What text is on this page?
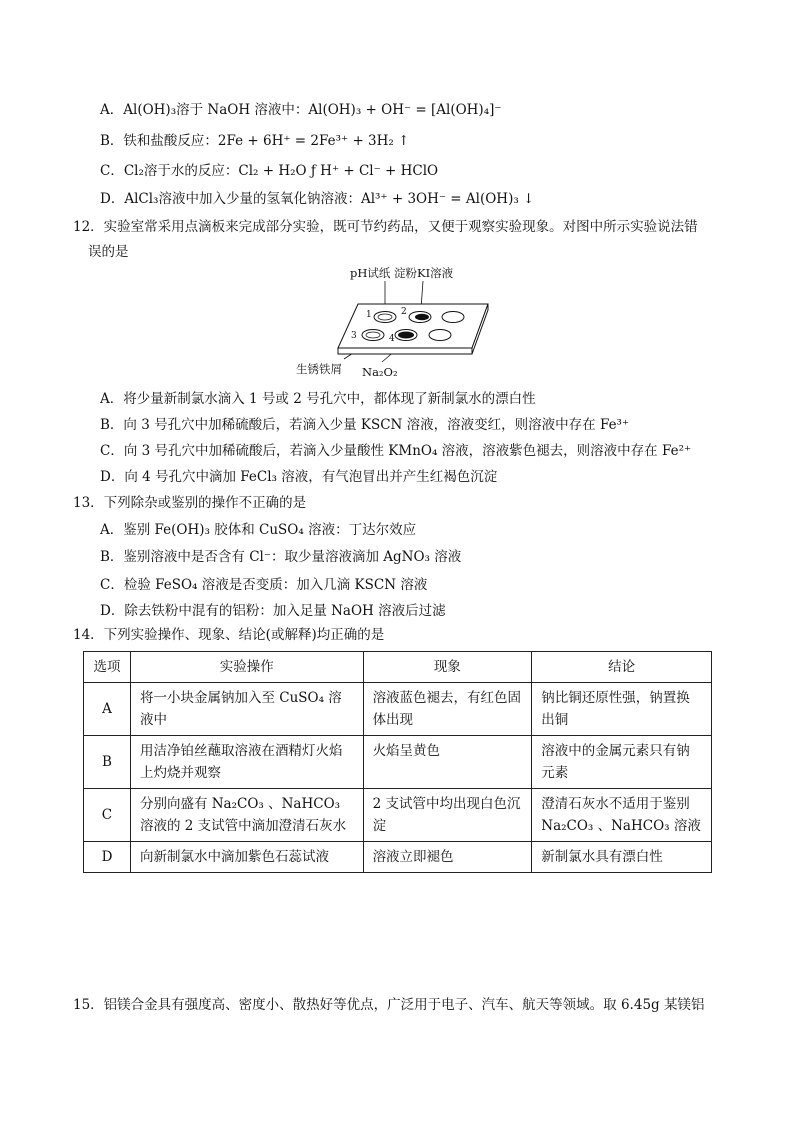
A．Al(OH)₃溶于 NaOH 溶液中：Al(OH)₃ + OH⁻ = [Al(OH)₄]⁻
B．铁和盐酸反应：2Fe + 6H⁺ = 2Fe³⁺ + 3H₂ ↑
C．Cl₂溶于水的反应：Cl₂ + H₂O ƒ H⁺ + Cl⁻ + HClO
D．AlCl₃溶液中加入少量的氢氧化钠溶液：Al³⁺ + 3OH⁻ = Al(OH)₃ ↓
12．实验室常采用点滴板来完成部分实验，既可节约药品，又便于观察实验现象。对图中所示实验说法错
误的是
pH试纸 淀粉KI溶液
1	2
3	4
生锈铁屑 Na₂O₂
A．将少量新制氯水滴入 1 号或 2 号孔穴中，都体现了新制氯水的漂白性
B．向 3 号孔穴中加稀硫酸后，若滴入少量 KSCN 溶液，溶液变红，则溶液中存在 Fe³⁺
C．向 3 号孔穴中加稀硫酸后，若滴入少量酸性 KMnO₄ 溶液，溶液紫色褪去，则溶液中存在 Fe²⁺
D．向 4 号孔穴中滴加 FeCl₃ 溶液，有气泡冒出并产生红褐色沉淀
13．下列除杂或鉴别的操作不正确的是
A．鉴别 Fe(OH)₃ 胶体和 CuSO₄ 溶液：丁达尔效应
B．鉴别溶液中是否含有 Cl⁻：取少量溶液滴加 AgNO₃ 溶液
C．检验 FeSO₄ 溶液是否变质：加入几滴 KSCN 溶液
D．除去铁粉中混有的铝粉：加入足量 NaOH 溶液后过滤
14．下列实验操作、现象、结论(或解释)均正确的是
选项	实验操作	现象	结论
A	将一小块金属钠加入至 CuSO₄ 溶液中	溶液蓝色褪去，有红色固体出现	钠比铜还原性强，钠置换出铜
B	用洁净铂丝蘸取溶液在酒精灯火焰上灼烧并观察	火焰呈黄色	溶液中的金属元素只有钠元素
C	分别向盛有 Na₂CO₃ 、NaHCO₃ 溶液的 2 支试管中滴加澄清石灰水	2 支试管中均出现白色沉淀	澄清石灰水不适用于鉴别 Na₂CO₃ 、NaHCO₃ 溶液
D	向新制氯水中滴加紫色石蕊试液	溶液立即褪色	新制氯水具有漂白性
15．铝镁合金具有强度高、密度小、散热好等优点，广泛用于电子、汽车、航天等领域。取 6.45g 某镁铝
